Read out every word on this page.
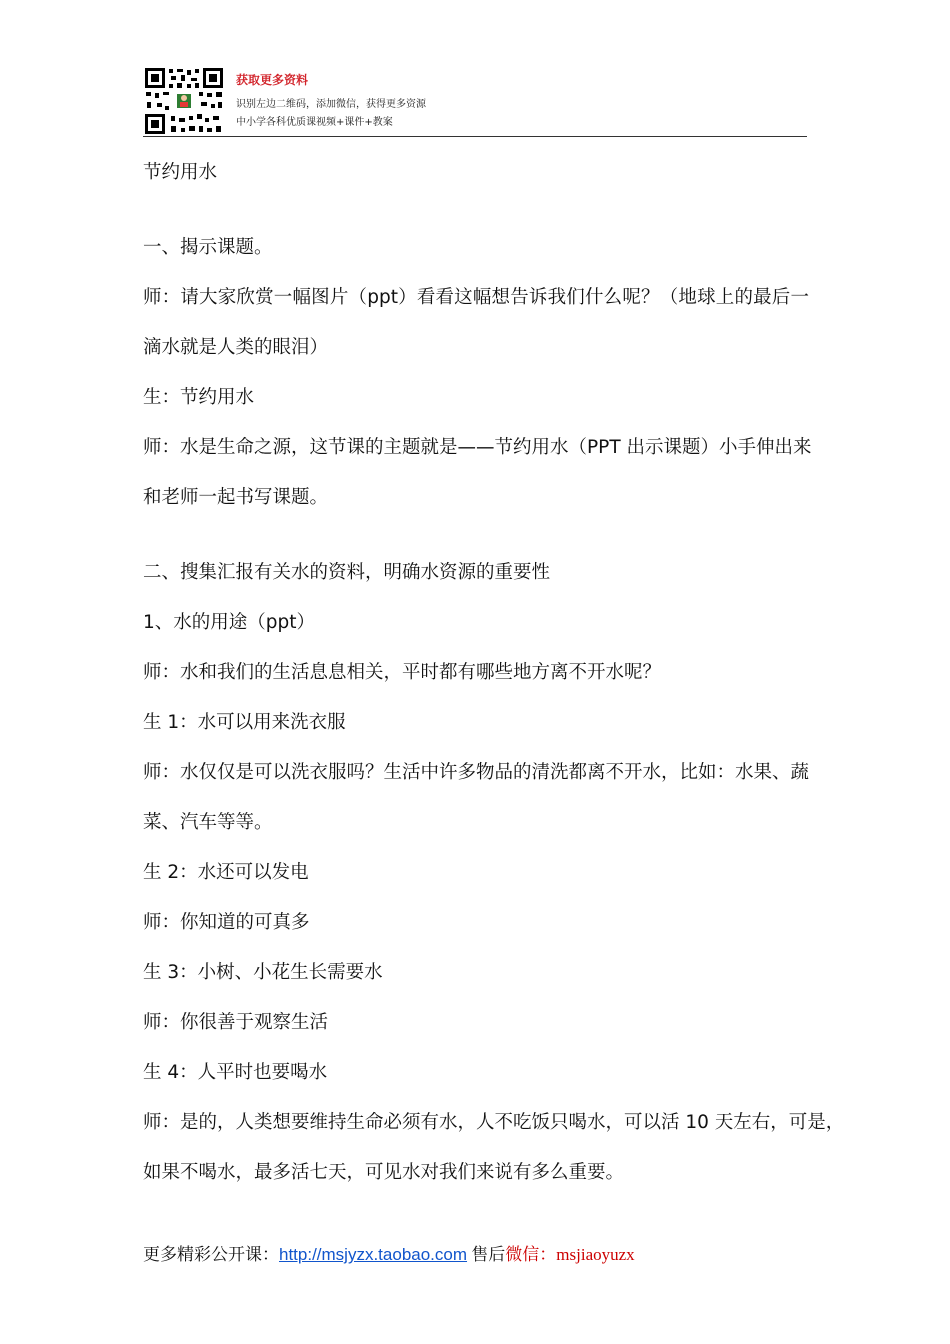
获取更多资料
识别左边二维码，添加微信，获得更多资源
中小学各科优质课视频+课件+教案
节约用水
一、揭示课题。
师：请大家欣赏一幅图片（ppt）看看这幅想告诉我们什么呢？（地球上的最后一
滴水就是人类的眼泪）
生：节约用水
师：水是生命之源，这节课的主题就是——节约用水（PPT 出示课题）小手伸出来
和老师一起书写课题。
二、搜集汇报有关水的资料，明确水资源的重要性
1、水的用途（ppt）
师：水和我们的生活息息相关，平时都有哪些地方离不开水呢？
生 1：水可以用来洗衣服
师：水仅仅是可以洗衣服吗？生活中许多物品的清洗都离不开水，比如：水果、蔬
菜、汽车等等。
生 2：水还可以发电
师：你知道的可真多
生 3：小树、小花生长需要水
师：你很善于观察生活
生 4：人平时也要喝水
师：是的，人类想要维持生命必须有水，人不吃饭只喝水，可以活 10 天左右，可是，
如果不喝水，最多活七天，可见水对我们来说有多么重要。
更多精彩公开课：http://msjyzx.taobao.com 售后微信：msjiaoyuzx
